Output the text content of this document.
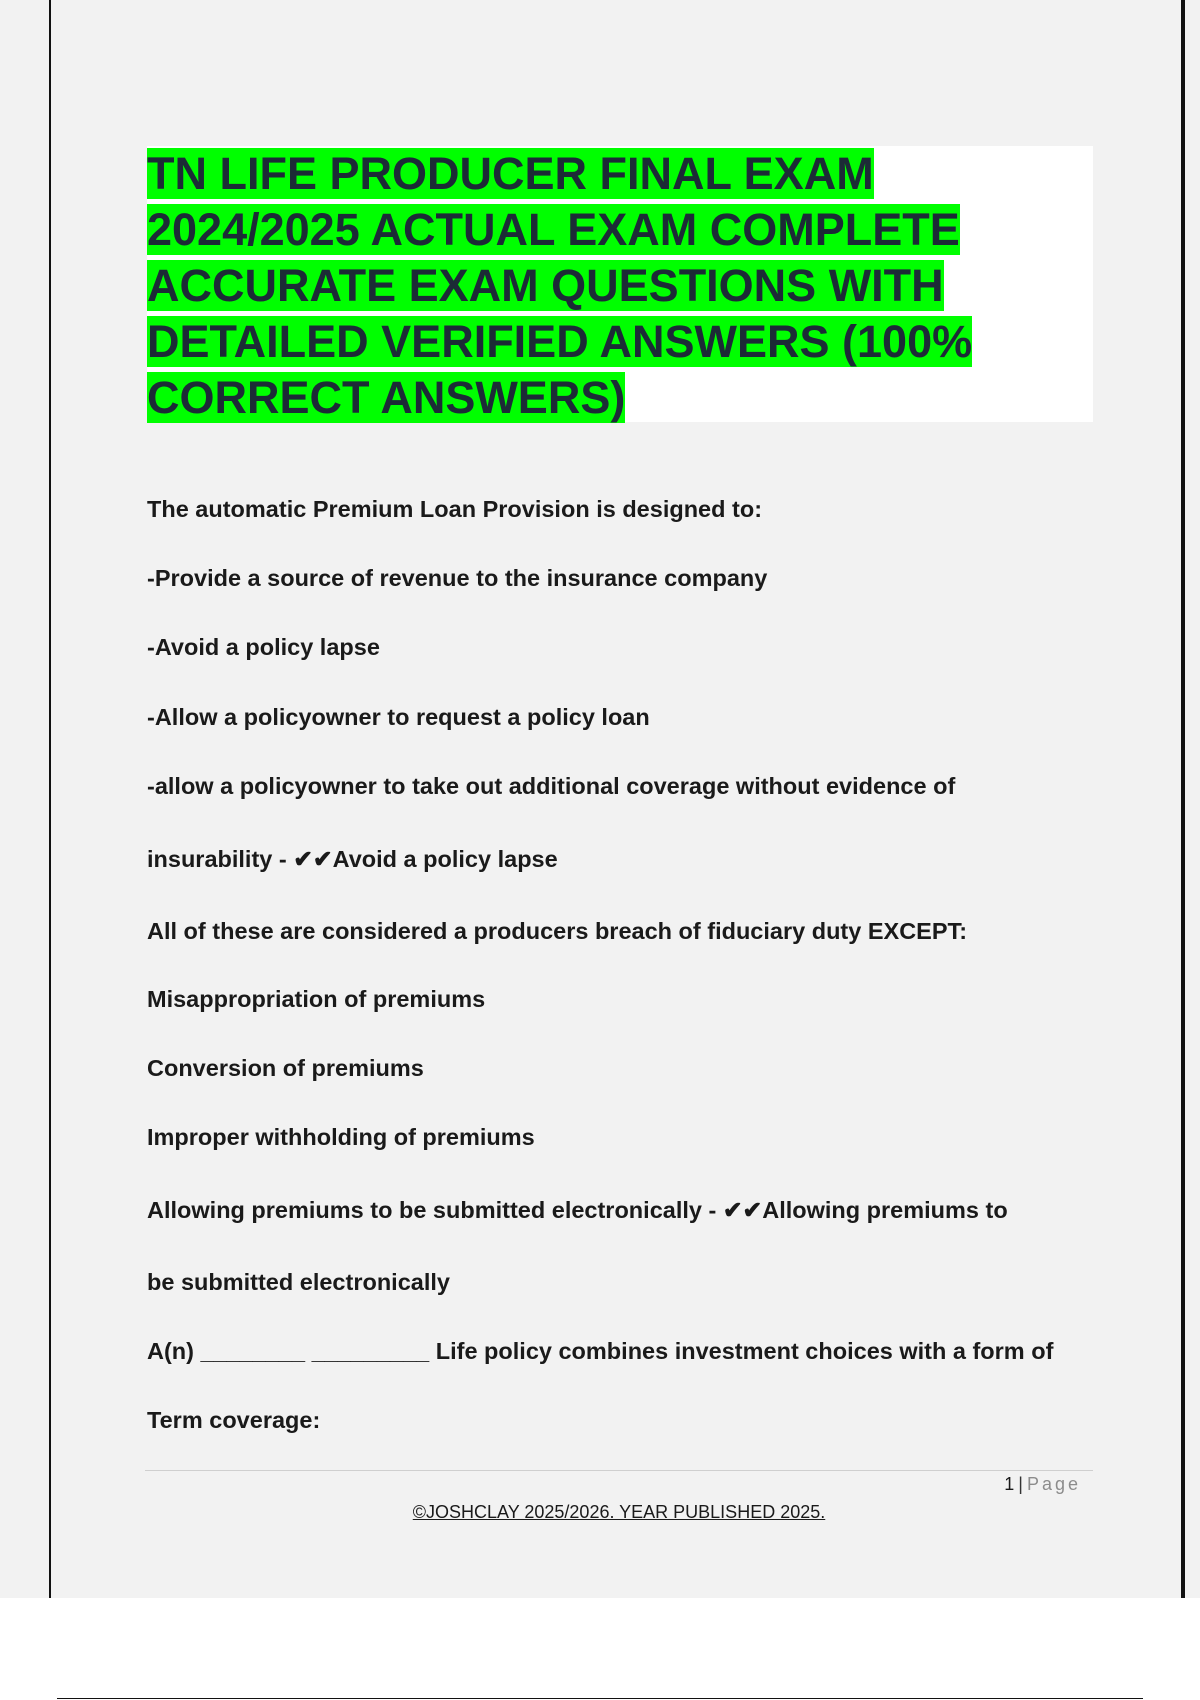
TN LIFE PRODUCER FINAL EXAM
2024/2025 ACTUAL EXAM COMPLETE
ACCURATE EXAM QUESTIONS WITH
DETAILED VERIFIED ANSWERS (100%
CORRECT ANSWERS)
The automatic Premium Loan Provision is designed to:
-Provide a source of revenue to the insurance company
-Avoid a policy lapse
-Allow a policyowner to request a policy loan
-allow a policyowner to take out additional coverage without evidence of
insurability - ✔✔Avoid a policy lapse
All of these are considered a producers breach of fiduciary duty EXCEPT:
Misappropriation of premiums
Conversion of premiums
Improper withholding of premiums
Allowing premiums to be submitted electronically - ✔✔Allowing premiums to
be submitted electronically
A(n) ________ _________ Life policy combines investment choices with a form of
Term coverage:
1 | Page
©JOSHCLAY 2025/2026. YEAR PUBLISHED 2025.
